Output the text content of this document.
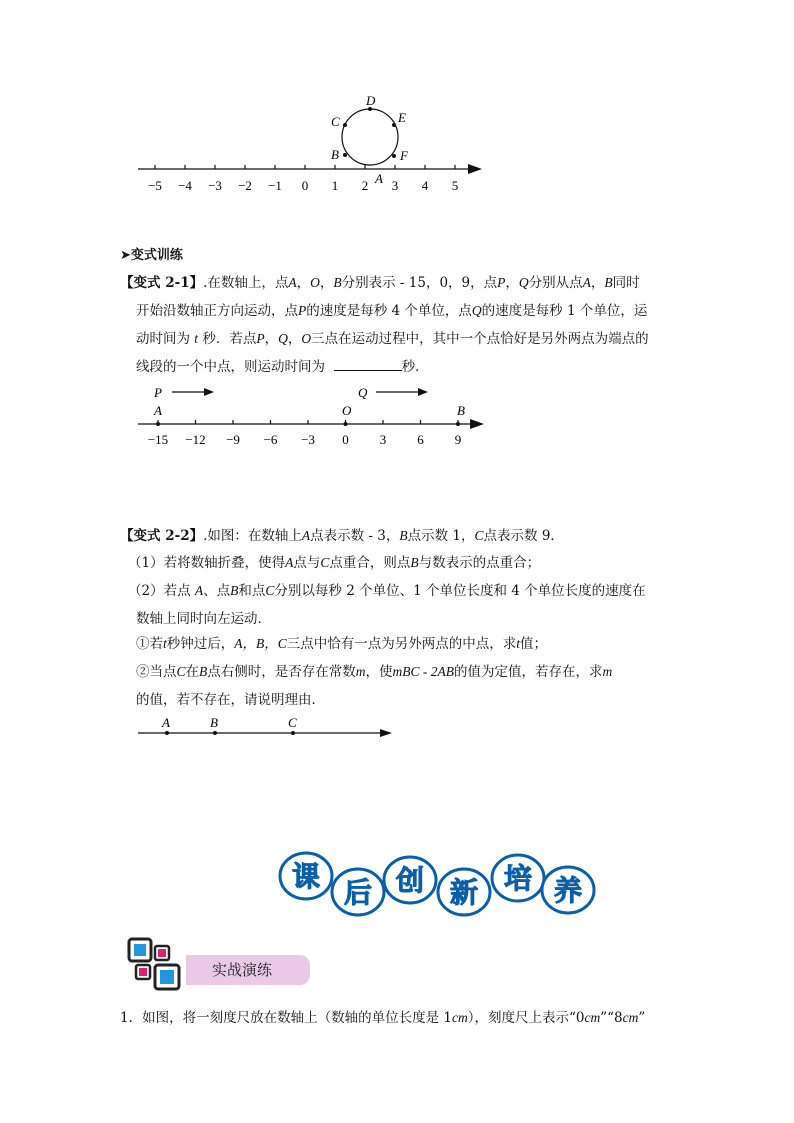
D
C	E
B	F
A
−5 −4 −3 −2 −1 0 1 2 3 4 5
➤变式训练
【变式 2-1】.在数轴上，点A，O，B分别表示 - 15，0，9，点P，Q分别从点A，B同时
开始沿数轴正方向运动，点P的速度是每秒 4 个单位，点Q的速度是每秒 1 个单位，运
动时间为 t 秒．若点P，Q，O三点在运动过程中，其中一个点恰好是另外两点为端点的
线段的一个中点，则运动时间为	秒．
P	Q
A	O	B
−15 −12 −9 −6 −3 0 3 6 9
【变式 2-2】.如图：在数轴上A点表示数 - 3，B点示数 1，C点表示数 9．
（1）若将数轴折叠，使得A点与C点重合，则点B与数表示的点重合；
（2）若点 A、点B和点C分别以每秒 2 个单位、1 个单位长度和 4 个单位长度的速度在
数轴上同时向左运动．
①若t秒钟过后，A，B，C三点中恰有一点为另外两点的中点，求t值；
②当点C在B点右侧时，是否存在常数m，使mBC - 2AB的值为定值，若存在，求m
的值，若不存在，请说明理由．
A	B	C
课
后 创 新 培 养
实战演练
1．如图，将一刻度尺放在数轴上（数轴的单位长度是 1cm），刻度尺上表示“0cm”“8cm”
